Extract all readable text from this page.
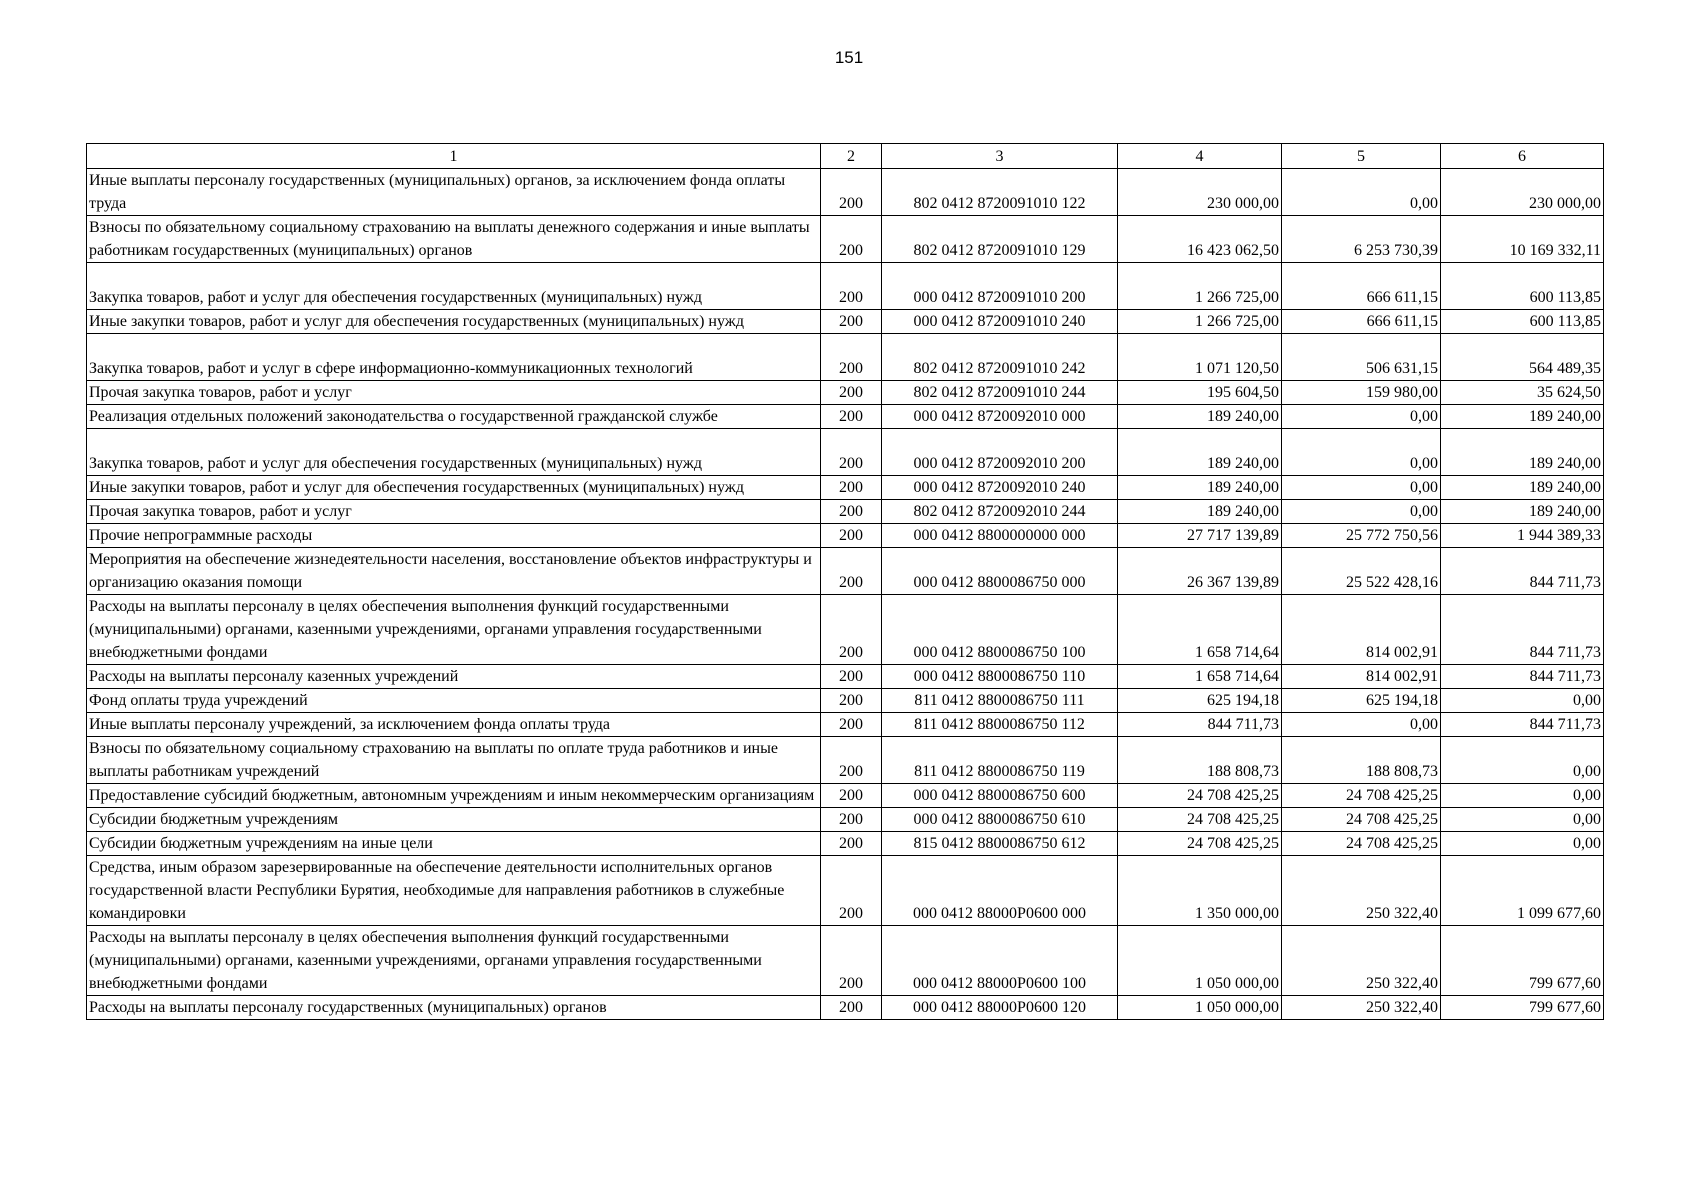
151
1	2	3	4	5	6
Иные выплаты персоналу государственных (муниципальных) органов, за исключением фонда оплаты труда	200	802 0412 8720091010 122	230 000,00	0,00	230 000,00
Взносы по обязательному социальному страхованию на выплаты денежного содержания и иные выплаты работникам государственных (муниципальных) органов	200	802 0412 8720091010 129	16 423 062,50	6 253 730,39	10 169 332,11
Закупка товаров, работ и услуг для обеспечения государственных (муниципальных) нужд	200	000 0412 8720091010 200	1 266 725,00	666 611,15	600 113,85
Иные закупки товаров, работ и услуг для обеспечения государственных (муниципальных) нужд	200	000 0412 8720091010 240	1 266 725,00	666 611,15	600 113,85
Закупка товаров, работ и услуг в сфере информационно-коммуникационных технологий	200	802 0412 8720091010 242	1 071 120,50	506 631,15	564 489,35
Прочая закупка товаров, работ и услуг	200	802 0412 8720091010 244	195 604,50	159 980,00	35 624,50
Реализация отдельных положений законодательства о государственной гражданской службе	200	000 0412 8720092010 000	189 240,00	0,00	189 240,00
Закупка товаров, работ и услуг для обеспечения государственных (муниципальных) нужд	200	000 0412 8720092010 200	189 240,00	0,00	189 240,00
Иные закупки товаров, работ и услуг для обеспечения государственных (муниципальных) нужд	200	000 0412 8720092010 240	189 240,00	0,00	189 240,00
Прочая закупка товаров, работ и услуг	200	802 0412 8720092010 244	189 240,00	0,00	189 240,00
Прочие непрограммные расходы	200	000 0412 8800000000 000	27 717 139,89	25 772 750,56	1 944 389,33
Мероприятия на обеспечение жизнедеятельности населения, восстановление объектов инфраструктуры и организацию оказания помощи	200	000 0412 8800086750 000	26 367 139,89	25 522 428,16	844 711,73
Расходы на выплаты персоналу в целях обеспечения выполнения функций государственными (муниципальными) органами, казенными учреждениями, органами управления государственными внебюджетными фондами	200	000 0412 8800086750 100	1 658 714,64	814 002,91	844 711,73
Расходы на выплаты персоналу казенных учреждений	200	000 0412 8800086750 110	1 658 714,64	814 002,91	844 711,73
Фонд оплаты труда учреждений	200	811 0412 8800086750 111	625 194,18	625 194,18	0,00
Иные выплаты персоналу учреждений, за исключением фонда оплаты труда	200	811 0412 8800086750 112	844 711,73	0,00	844 711,73
Взносы по обязательному социальному страхованию на выплаты по оплате труда работников и иные выплаты работникам учреждений	200	811 0412 8800086750 119	188 808,73	188 808,73	0,00
Предоставление субсидий бюджетным, автономным учреждениям и иным некоммерческим организациям	200	000 0412 8800086750 600	24 708 425,25	24 708 425,25	0,00
Субсидии бюджетным учреждениям	200	000 0412 8800086750 610	24 708 425,25	24 708 425,25	0,00
Субсидии бюджетным учреждениям на иные цели	200	815 0412 8800086750 612	24 708 425,25	24 708 425,25	0,00
Средства, иным образом зарезервированные на обеспечение деятельности исполнительных органов государственной власти Республики Бурятия, необходимые для направления работников в служебные командировки	200	000 0412 88000P0600 000	1 350 000,00	250 322,40	1 099 677,60
Расходы на выплаты персоналу в целях обеспечения выполнения функций государственными (муниципальными) органами, казенными учреждениями, органами управления государственными внебюджетными фондами	200	000 0412 88000P0600 100	1 050 000,00	250 322,40	799 677,60
Расходы на выплаты персоналу государственных (муниципальных) органов	200	000 0412 88000P0600 120	1 050 000,00	250 322,40	799 677,60
